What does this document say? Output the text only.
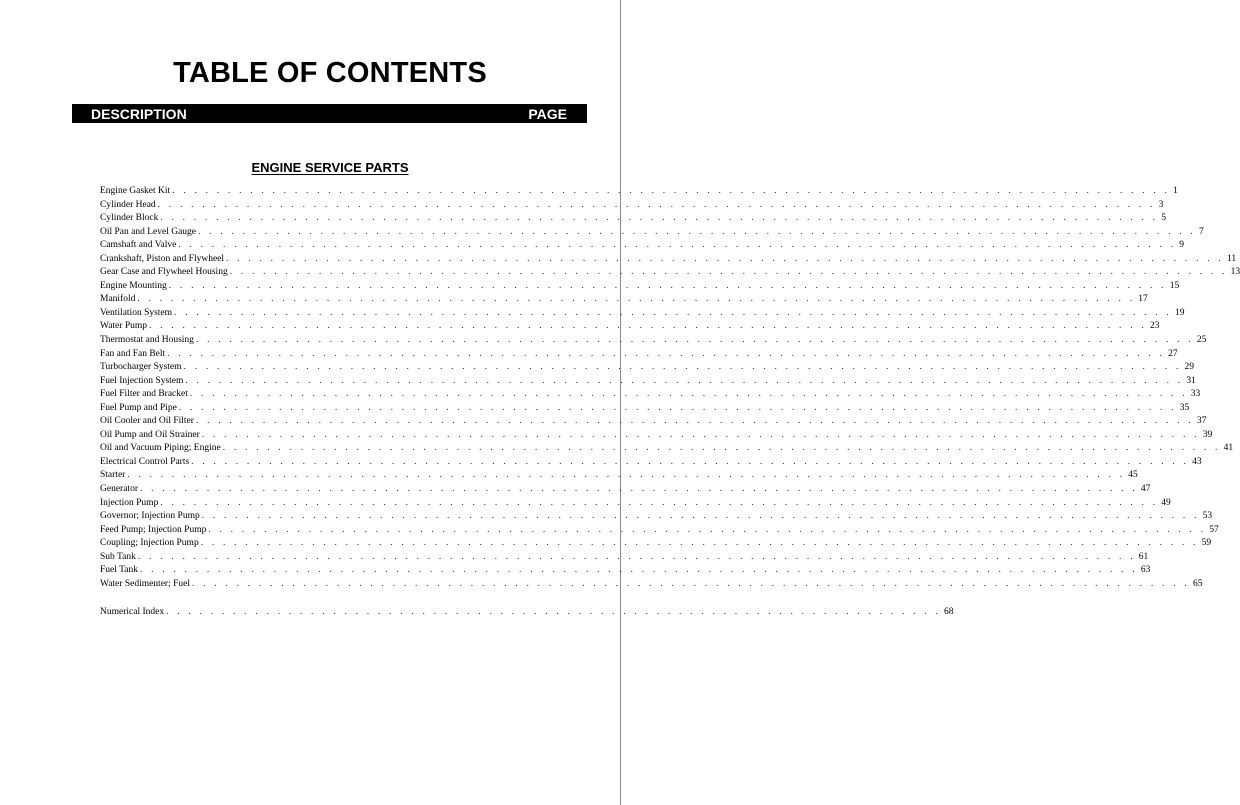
TABLE OF CONTENTS
DESCRIPTION	PAGE
ENGINE SERVICE PARTS
Engine Gasket Kit . . . . . . . . . . . . . . . . . . . . . . . . . . . . . . . . . . . . . . . . . . . . . . . . . . . . . . . . . . . . . . . . . . . . . . . . . . . . . . . . . . . . . . . . . . 1
Cylinder Head . . . . . . . . . . . . . . . . . . . . . . . . . . . . . . . . . . . . . . . . . . . . . . . . . . . . . . . . . . . . . . . . . . . . . . . . . . . . . . . . . . . . . . . . . . 3
Cylinder Block . . . . . . . . . . . . . . . . . . . . . . . . . . . . . . . . . . . . . . . . . . . . . . . . . . . . . . . . . . . . . . . . . . . . . . . . . . . . . . . . . . . . . . . . . . 5
Oil Pan and Level Gauge . . . . . . . . . . . . . . . . . . . . . . . . . . . . . . . . . . . . . . . . . . . . . . . . . . . . . . . . . . . . . . . . . . . . . . . . . . . . . . . . . . . . . . . . . . 7
Camshaft and Valve . . . . . . . . . . . . . . . . . . . . . . . . . . . . . . . . . . . . . . . . . . . . . . . . . . . . . . . . . . . . . . . . . . . . . . . . . . . . . . . . . . . . . . . . . . 9
Crankshaft, Piston and Flywheel . . . . . . . . . . . . . . . . . . . . . . . . . . . . . . . . . . . . . . . . . . . . . . . . . . . . . . . . . . . . . . . . . . . . . . . . . . . . . . . . . . . . . . . . . . 11
Gear Case and Flywheel Housing . . . . . . . . . . . . . . . . . . . . . . . . . . . . . . . . . . . . . . . . . . . . . . . . . . . . . . . . . . . . . . . . . . . . . . . . . . . . . . . . . . . . . . . . . . 13
Engine Mounting . . . . . . . . . . . . . . . . . . . . . . . . . . . . . . . . . . . . . . . . . . . . . . . . . . . . . . . . . . . . . . . . . . . . . . . . . . . . . . . . . . . . . . . . . . 15
Manifold . . . . . . . . . . . . . . . . . . . . . . . . . . . . . . . . . . . . . . . . . . . . . . . . . . . . . . . . . . . . . . . . . . . . . . . . . . . . . . . . . . . . . . . . . . 17
Ventilation System . . . . . . . . . . . . . . . . . . . . . . . . . . . . . . . . . . . . . . . . . . . . . . . . . . . . . . . . . . . . . . . . . . . . . . . . . . . . . . . . . . . . . . . . . . 19
Water Pump . . . . . . . . . . . . . . . . . . . . . . . . . . . . . . . . . . . . . . . . . . . . . . . . . . . . . . . . . . . . . . . . . . . . . . . . . . . . . . . . . . . . . . . . . . 23
Thermostat and Housing . . . . . . . . . . . . . . . . . . . . . . . . . . . . . . . . . . . . . . . . . . . . . . . . . . . . . . . . . . . . . . . . . . . . . . . . . . . . . . . . . . . . . . . . . . 25
Fan and Fan Belt . . . . . . . . . . . . . . . . . . . . . . . . . . . . . . . . . . . . . . . . . . . . . . . . . . . . . . . . . . . . . . . . . . . . . . . . . . . . . . . . . . . . . . . . . . 27
Turbocharger System . . . . . . . . . . . . . . . . . . . . . . . . . . . . . . . . . . . . . . . . . . . . . . . . . . . . . . . . . . . . . . . . . . . . . . . . . . . . . . . . . . . . . . . . . . 29
Fuel Injection System . . . . . . . . . . . . . . . . . . . . . . . . . . . . . . . . . . . . . . . . . . . . . . . . . . . . . . . . . . . . . . . . . . . . . . . . . . . . . . . . . . . . . . . . . . 31
Fuel Filter and Bracket . . . . . . . . . . . . . . . . . . . . . . . . . . . . . . . . . . . . . . . . . . . . . . . . . . . . . . . . . . . . . . . . . . . . . . . . . . . . . . . . . . . . . . . . . . 33
Fuel Pump and Pipe . . . . . . . . . . . . . . . . . . . . . . . . . . . . . . . . . . . . . . . . . . . . . . . . . . . . . . . . . . . . . . . . . . . . . . . . . . . . . . . . . . . . . . . . . . 35
Oil Cooler and Oil Filter . . . . . . . . . . . . . . . . . . . . . . . . . . . . . . . . . . . . . . . . . . . . . . . . . . . . . . . . . . . . . . . . . . . . . . . . . . . . . . . . . . . . . . . . . . 37
Oil Pump and Oil Strainer . . . . . . . . . . . . . . . . . . . . . . . . . . . . . . . . . . . . . . . . . . . . . . . . . . . . . . . . . . . . . . . . . . . . . . . . . . . . . . . . . . . . . . . . . . 39
Oil and Vacuum Piping; Engine . . . . . . . . . . . . . . . . . . . . . . . . . . . . . . . . . . . . . . . . . . . . . . . . . . . . . . . . . . . . . . . . . . . . . . . . . . . . . . . . . . . . . . . . . . 41
Electrical Control Parts . . . . . . . . . . . . . . . . . . . . . . . . . . . . . . . . . . . . . . . . . . . . . . . . . . . . . . . . . . . . . . . . . . . . . . . . . . . . . . . . . . . . . . . . . . 43
Starter . . . . . . . . . . . . . . . . . . . . . . . . . . . . . . . . . . . . . . . . . . . . . . . . . . . . . . . . . . . . . . . . . . . . . . . . . . . . . . . . . . . . . . . . . . 45
Generator . . . . . . . . . . . . . . . . . . . . . . . . . . . . . . . . . . . . . . . . . . . . . . . . . . . . . . . . . . . . . . . . . . . . . . . . . . . . . . . . . . . . . . . . . . 47
Injection Pump . . . . . . . . . . . . . . . . . . . . . . . . . . . . . . . . . . . . . . . . . . . . . . . . . . . . . . . . . . . . . . . . . . . . . . . . . . . . . . . . . . . . . . . . . . 49
Governor; Injection Pump . . . . . . . . . . . . . . . . . . . . . . . . . . . . . . . . . . . . . . . . . . . . . . . . . . . . . . . . . . . . . . . . . . . . . . . . . . . . . . . . . . . . . . . . . . 53
Feed Pump; Injection Pump . . . . . . . . . . . . . . . . . . . . . . . . . . . . . . . . . . . . . . . . . . . . . . . . . . . . . . . . . . . . . . . . . . . . . . . . . . . . . . . . . . . . . . . . . . 57
Coupling; Injection Pump . . . . . . . . . . . . . . . . . . . . . . . . . . . . . . . . . . . . . . . . . . . . . . . . . . . . . . . . . . . . . . . . . . . . . . . . . . . . . . . . . . . . . . . . . . 59
Sub Tank . . . . . . . . . . . . . . . . . . . . . . . . . . . . . . . . . . . . . . . . . . . . . . . . . . . . . . . . . . . . . . . . . . . . . . . . . . . . . . . . . . . . . . . . . . 61
Fuel Tank . . . . . . . . . . . . . . . . . . . . . . . . . . . . . . . . . . . . . . . . . . . . . . . . . . . . . . . . . . . . . . . . . . . . . . . . . . . . . . . . . . . . . . . . . . 63
Water Sedimenter; Fuel . . . . . . . . . . . . . . . . . . . . . . . . . . . . . . . . . . . . . . . . . . . . . . . . . . . . . . . . . . . . . . . . . . . . . . . . . . . . . . . . . . . . . . . . . . 65
Numerical Index . . . . . . . . . . . . . . . . . . . . . . . . . . . . . . . . . . . . . . . . . . . . . . . . . . . . . . . . . . . . . . . . . . . . . . 68
